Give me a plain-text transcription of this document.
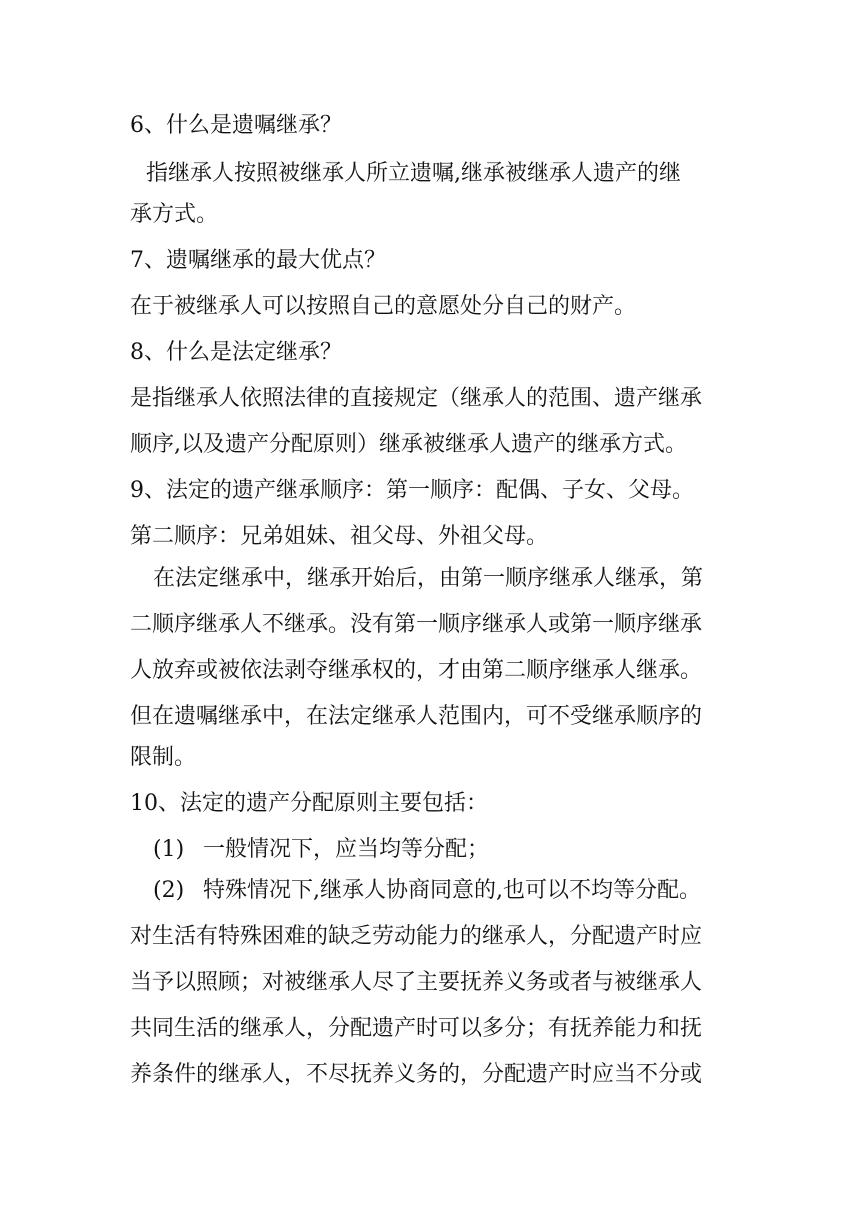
6、什么是遗嘱继承？
指继承人按照被继承人所立遗嘱,继承被继承人遗产的继
承方式。
7、遗嘱继承的最大优点？
在于被继承人可以按照自己的意愿处分自己的财产。
8、什么是法定继承？
是指继承人依照法律的直接规定（继承人的范围、遗产继承
顺序,以及遗产分配原则）继承被继承人遗产的继承方式。
9、法定的遗产继承顺序：第一顺序：配偶、子女、父母。
第二顺序：兄弟姐妹、祖父母、外祖父母。
在法定继承中，继承开始后，由第一顺序继承人继承，第
二顺序继承人不继承。没有第一顺序继承人或第一顺序继承
人放弃或被依法剥夺继承权的，才由第二顺序继承人继承。
但在遗嘱继承中，在法定继承人范围内，可不受继承顺序的
限制。
10、法定的遗产分配原则主要包括：
(1) 一般情况下，应当均等分配；
(2) 特殊情况下,继承人协商同意的,也可以不均等分配。
对生活有特殊困难的缺乏劳动能力的继承人，分配遗产时应
当予以照顾；对被继承人尽了主要抚养义务或者与被继承人
共同生活的继承人，分配遗产时可以多分；有抚养能力和抚
养条件的继承人，不尽抚养义务的，分配遗产时应当不分或
